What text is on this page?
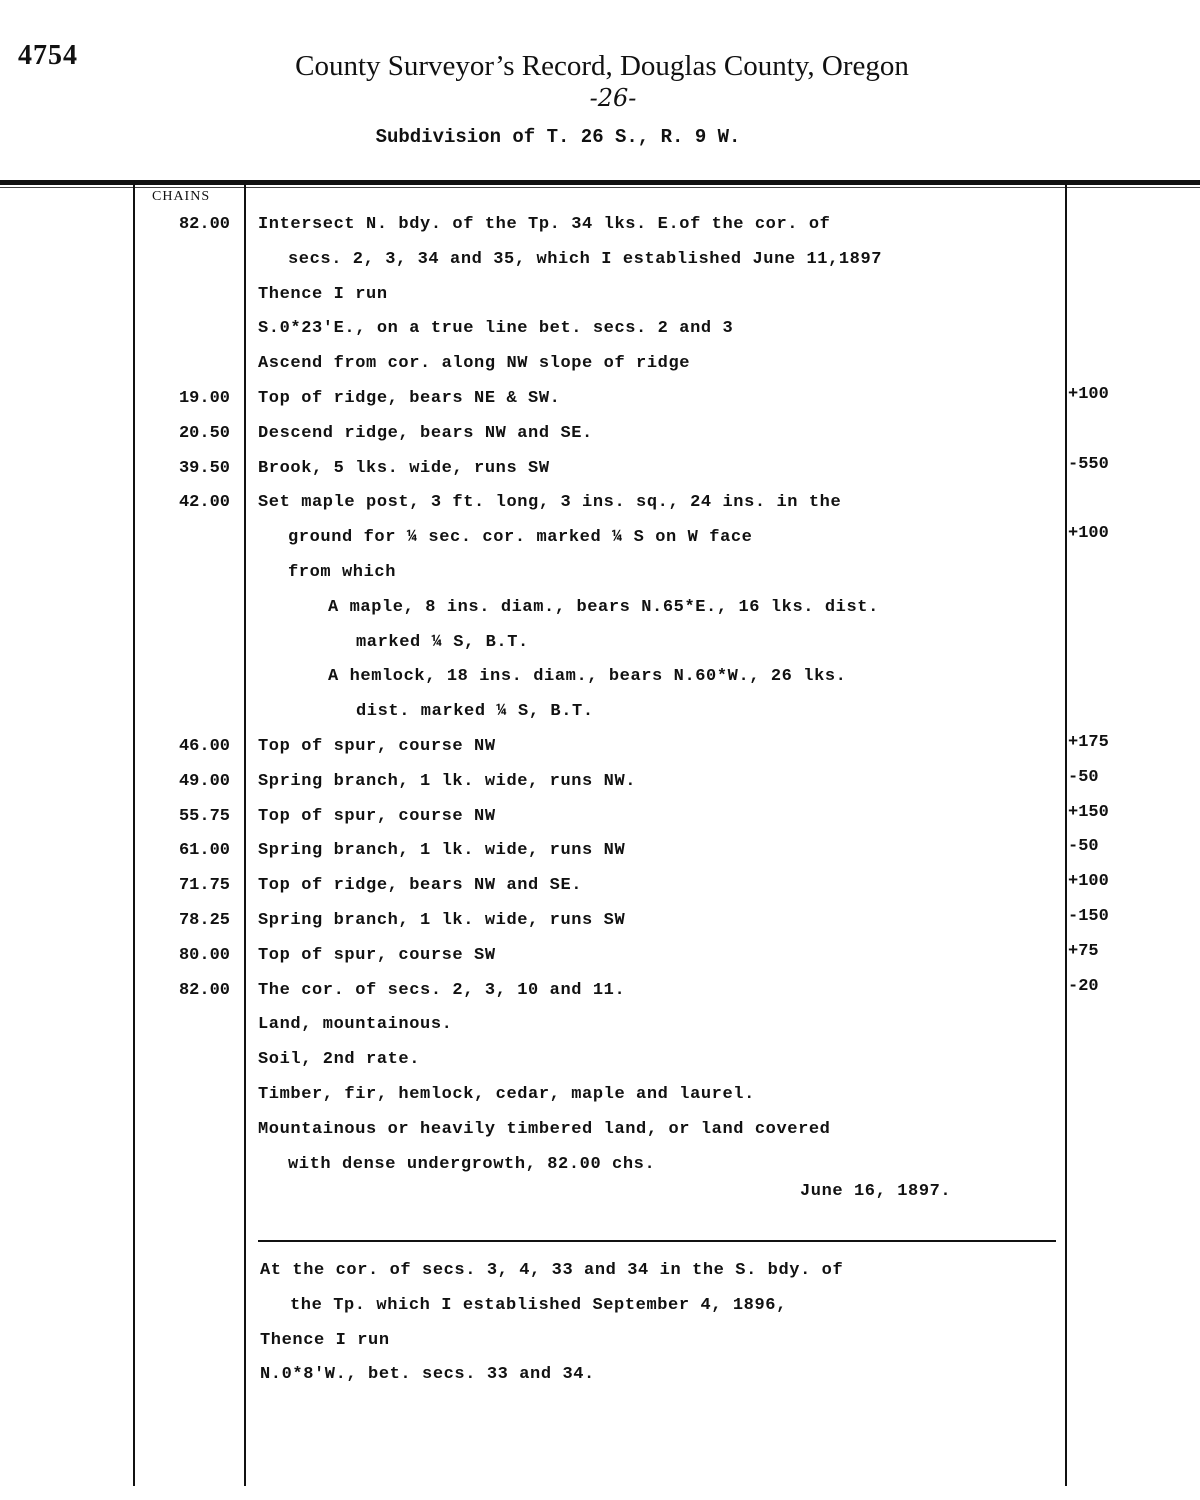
4754	County Surveyor’s Record, Douglas County, Oregon
-26-
Subdivision of T. 26 S., R. 9 W.
CHAINS
82.00 Intersect N. bdy. of the Tp. 34 lks. E.of the cor. of
secs. 2, 3, 34 and 35, which I established June 11,1897
Thence I run
S.0*23'E., on a true line bet. secs. 2 and 3
Ascend from cor. along NW slope of ridge
19.00 Top of ridge, bears NE & SW.	+100
20.50 Descend ridge, bears NW and SE.
39.50 Brook, 5 lks. wide, runs SW	-550
42.00 Set maple post, 3 ft. long, 3 ins. sq., 24 ins. in the
ground for ¼ sec. cor. marked ¼ S on W face	+100
from which
A maple, 8 ins. diam., bears N.65*E., 16 lks. dist.
marked ¼ S, B.T.
A hemlock, 18 ins. diam., bears N.60*W., 26 lks.
dist. marked ¼ S, B.T.
46.00 Top of spur, course NW	+175
49.00 Spring branch, 1 lk. wide, runs NW.	-50
55.75 Top of spur, course NW	+150
61.00 Spring branch, 1 lk. wide, runs NW	-50
71.75 Top of ridge, bears NW and SE.	+100
78.25 Spring branch, 1 lk. wide, runs SW	-150
80.00 Top of spur, course SW	+75
82.00 The cor. of secs. 2, 3, 10 and 11.	-20
Land, mountainous.
Soil, 2nd rate.
Timber, fir, hemlock, cedar, maple and laurel.
Mountainous or heavily timbered land, or land covered
with dense undergrowth, 82.00 chs.
June 16, 1897.
At the cor. of secs. 3, 4, 33 and 34 in the S. bdy. of
the Tp. which I established September 4, 1896,
Thence I run
N.0*8'W., bet. secs. 33 and 34.
